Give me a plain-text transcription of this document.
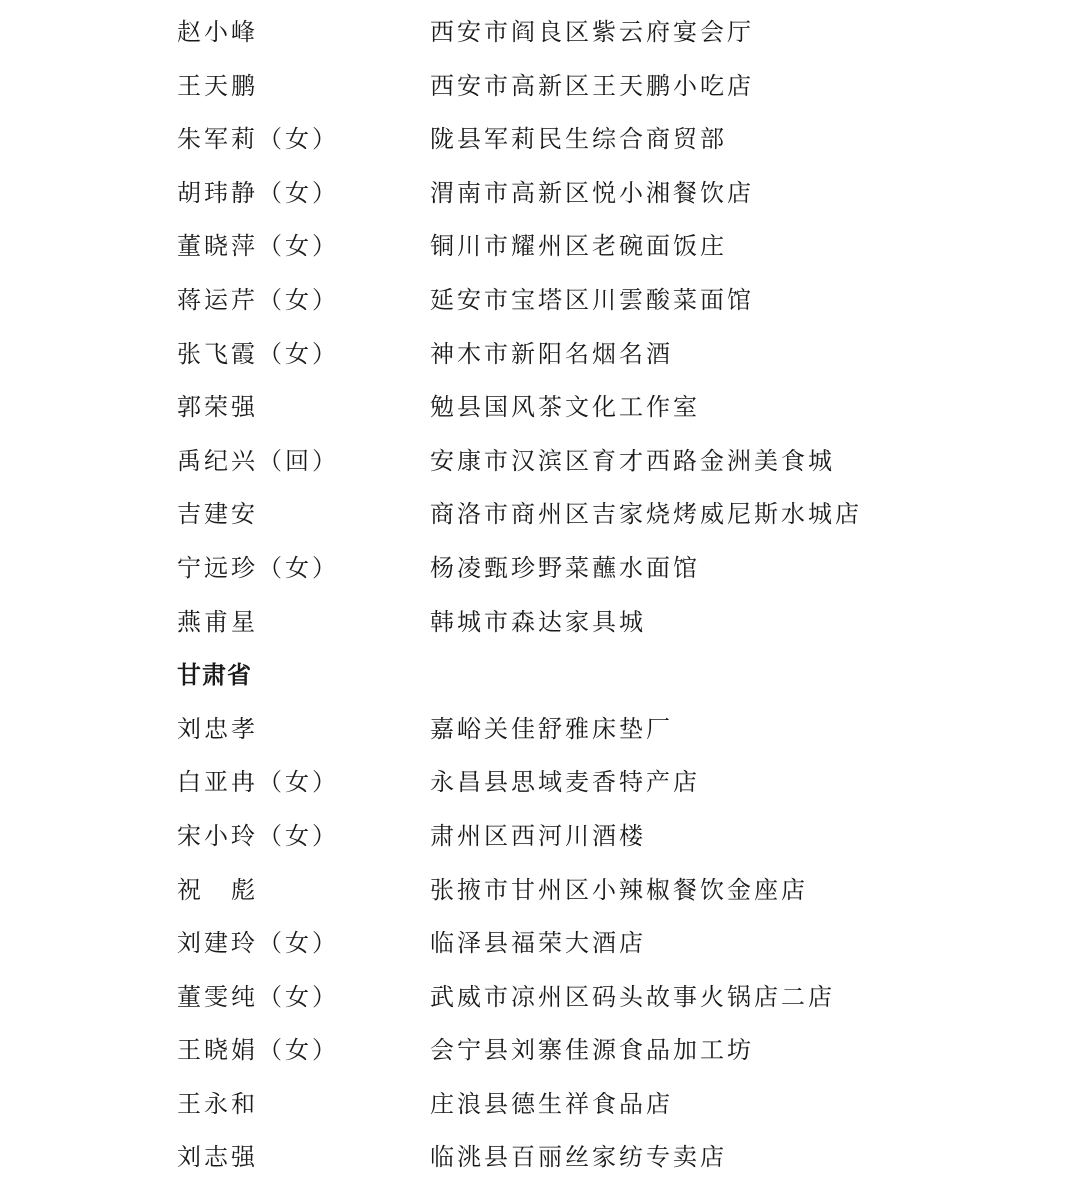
赵小峰	西安市阎良区紫云府宴会厅
王天鹏	西安市高新区王天鹏小吃店
朱军莉（女）	陇县军莉民生综合商贸部
胡玮静（女）	渭南市高新区悦小湘餐饮店
董晓萍（女）	铜川市耀州区老碗面饭庄
蒋运芹（女）	延安市宝塔区川雲酸菜面馆
张飞霞（女）	神木市新阳名烟名酒
郭荣强	勉县国风茶文化工作室
禹纪兴（回）	安康市汉滨区育才西路金洲美食城
吉建安	商洛市商州区吉家烧烤威尼斯水城店
宁远珍（女）	杨凌甄珍野菜蘸水面馆
燕甫星	韩城市森达家具城
甘肃省
刘忠孝	嘉峪关佳舒雅床垫厂
白亚冉（女）	永昌县思域麦香特产店
宋小玲（女）	肃州区西河川酒楼
祝　彪	张掖市甘州区小辣椒餐饮金座店
刘建玲（女）	临泽县福荣大酒店
董雯纯（女）	武威市凉州区码头故事火锅店二店
王晓娟（女）	会宁县刘寨佳源食品加工坊
王永和	庄浪县德生祥食品店
刘志强	临洮县百丽丝家纺专卖店
